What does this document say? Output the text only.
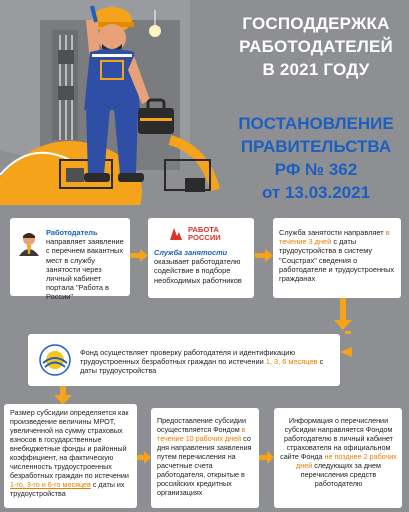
ГОСПОДДЕРЖКА
РАБОТОДАТЕЛЕЙ
В 2021 ГОДУ
ПОСТАНОВЛЕНИЕ
ПРАВИТЕЛЬСТВА
РФ № 362
от 13.03.2021
Работодатель
направляет заявление с перечнем вакантных мест в службу занятости через личный кабинет портала "Работа в России"
РАБОТА
РОССИИ
Служба занятости
оказывает работодателю содействие в подборе необходимых работников
Служба занятости направляет в течение 3 дней с даты трудоустройства в систему "Соцстрах" сведения о работодателе и трудоустроенных гражданах
Фонд осуществляет проверку работодателя и идентификацию трудоустроенных безработных граждан по истечении 1, 3, 6 месяцев с даты трудоустройства
Размер субсидии определяется как произведение величины МРОТ, увеличенной на сумму страховых взносов в государственные внебюджетные фонды и районный коэффициент, на фактическую численность трудоустроенных безработных граждан по истечении 1-го, 3-го и 6-го месяцев с даты их трудоустройства
Предоставление субсидии осуществляется Фондом в течение 10 рабочих дней со дня направления заявления путем перечисления на расчетные счета работодателя, открытые в российских кредитных организациях
Информация о перечислении субсидии направляется Фондом работодателю в личный кабинет страхователя на официальном сайте Фонда не позднее 2 рабочих дней следующих за днем перечисления средств работодателю
